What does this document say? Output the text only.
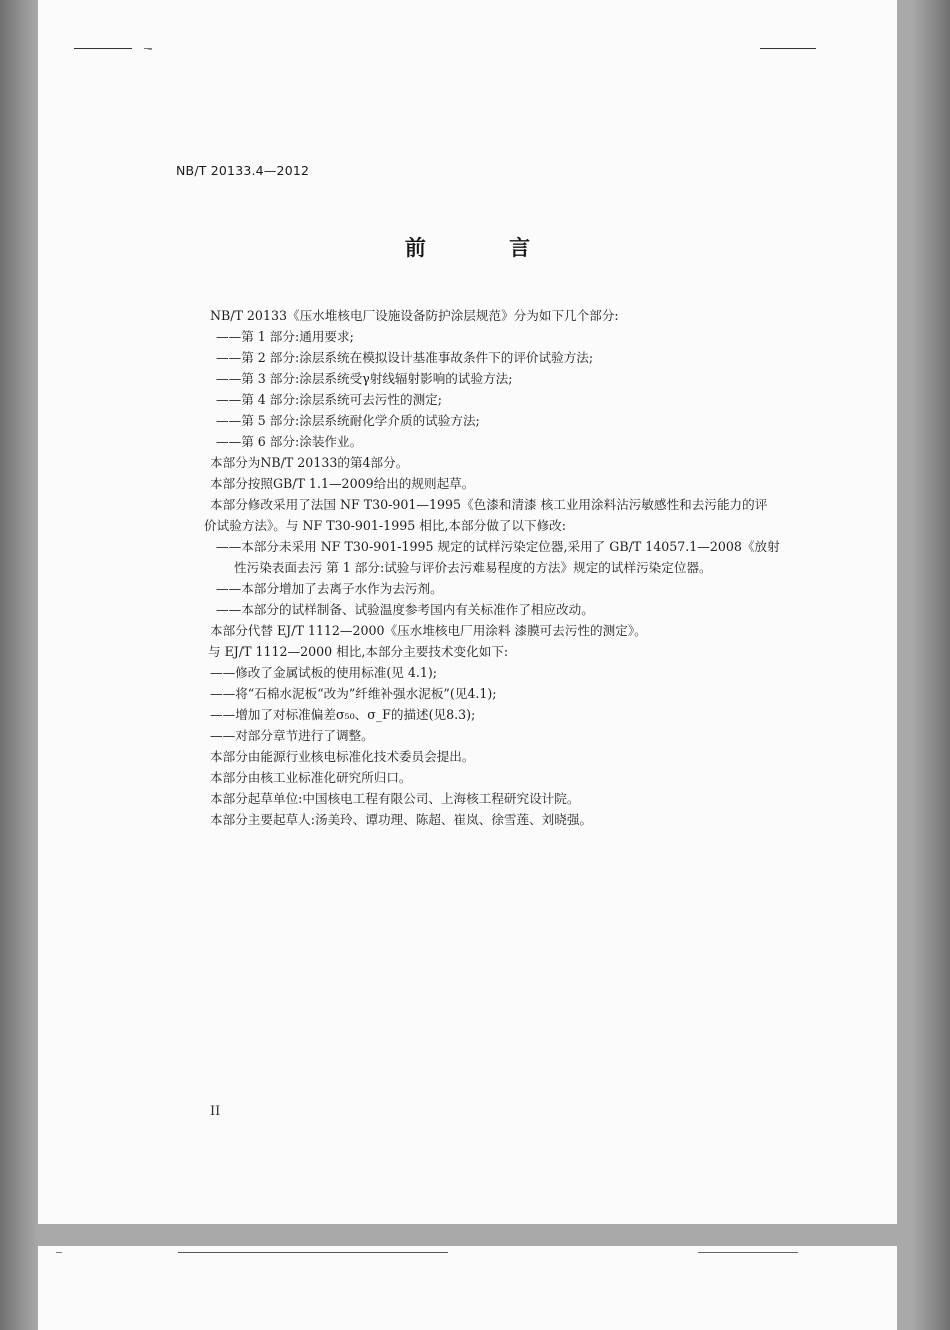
NB/T 20133.4—2012
前 言
NB/T 20133《压水堆核电厂设施设备防护涂层规范》分为如下几个部分:
——第 1 部分:通用要求;
——第 2 部分:涂层系统在模拟设计基准事故条件下的评价试验方法;
——第 3 部分:涂层系统受γ射线辐射影响的试验方法;
——第 4 部分:涂层系统可去污性的测定;
——第 5 部分:涂层系统耐化学介质的试验方法;
——第 6 部分:涂装作业。
本部分为NB/T 20133的第4部分。
本部分按照GB/T 1.1—2009给出的规则起草。
本部分修改采用了法国 NF T30-901—1995《色漆和清漆 核工业用涂料沾污敏感性和去污能力的评
价试验方法》。与 NF T30-901-1995 相比,本部分做了以下修改:
——本部分未采用 NF T30-901-1995 规定的试样污染定位器,采用了 GB/T 14057.1—2008《放射
性污染表面去污 第 1 部分:试验与评价去污难易程度的方法》规定的试样污染定位器。
——本部分增加了去离子水作为去污剂。
——本部分的试样制备、试验温度参考国内有关标准作了相应改动。
本部分代替 EJ/T 1112—2000《压水堆核电厂用涂料 漆膜可去污性的测定》。
与 EJ/T 1112—2000 相比,本部分主要技术变化如下:
——修改了金属试板的使用标准(见 4.1);
——将“石棉水泥板“改为”纤维补强水泥板”(见4.1);
——增加了对标准偏差σ₅₀、σ_F的描述(见8.3);
——对部分章节进行了调整。
本部分由能源行业核电标准化技术委员会提出。
本部分由核工业标准化研究所归口。
本部分起草单位:中国核电工程有限公司、上海核工程研究设计院。
本部分主要起草人:汤美玲、谭功理、陈超、崔岚、徐雪莲、刘晓强。
II
